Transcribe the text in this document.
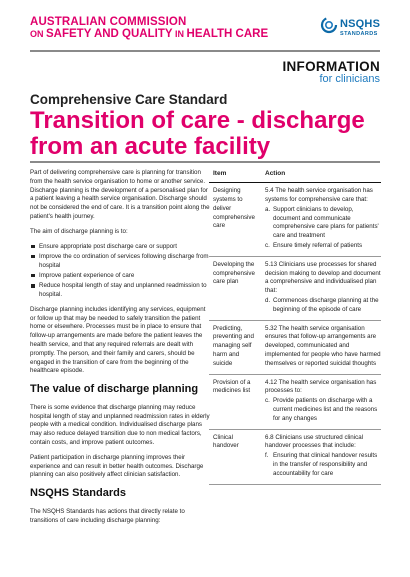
AUSTRALIAN COMMISSION
ON SAFETY AND QUALITY IN HEALTH CARE
NSQHS
STANDARDS
INFORMATION
for clinicians
Comprehensive Care Standard
Transition of care - discharge
from an acute facility

Part of delivering comprehensive care is planning for transition from the health service organisation to home or another service. Discharge planning is the development of a personalised plan for a patient leaving a health service organisation. Discharge should not be considered the end of care. It is a transition point along the patient's health journey.

The aim of discharge planning is to:

Ensure appropriate post discharge care or support
Improve the co ordination of services following discharge from hospital
Improve patient experience of care
Reduce hospital length of stay and unplanned readmission to hospital.

Discharge planning includes identifying any services, equipment or follow up that may be needed to safely transition the patient home or elsewhere. Processes must be in place to ensure that follow-up arrangements are made before the patient leaves the health service, and that any required referrals are dealt with promptly. The person, and their family and carers, should be engaged in the transition of care from the beginning of the healthcare episode.

The value of discharge planning

There is some evidence that discharge planning may reduce hospital length of stay and unplanned readmission rates in elderly people with a medical condition. Individualised discharge plans may also reduce delayed transition due to non medical factors, contain costs, and improve patient outcomes.

Patient participation in discharge planning improves their experience and can result in better health outcomes. Discharge planning can also positively affect clinician satisfaction.

NSQHS Standards

The NSQHS Standards has actions that directly relate to transitions of care including discharge planning:

Item	Action
Designing systems to deliver comprehensive care
5.4 The health service organisation has systems for comprehensive care that:
a. Support clinicians to develop, document and communicate comprehensive care plans for patients' care and treatment
c. Ensure timely referral of patients
Developing the comprehensive care plan
5.13 Clinicians use processes for shared decision making to develop and document a comprehensive and individualised plan that:
d. Commences discharge planning at the beginning of the episode of care
Predicting, preventing and managing self harm and suicide
5.32 The health service organisation ensures that follow-up arrangements are developed, communicated and implemented for people who have harmed themselves or reported suicidal thoughts
Provision of a medicines list
4.12 The health service organisation has processes to:
c. Provide patients on discharge with a current medicines list and the reasons for any changes
Clinical handover
6.8 Clinicians use structured clinical handover processes that include:
f. Ensuring that clinical handover results in the transfer of responsibility and accountability for care
